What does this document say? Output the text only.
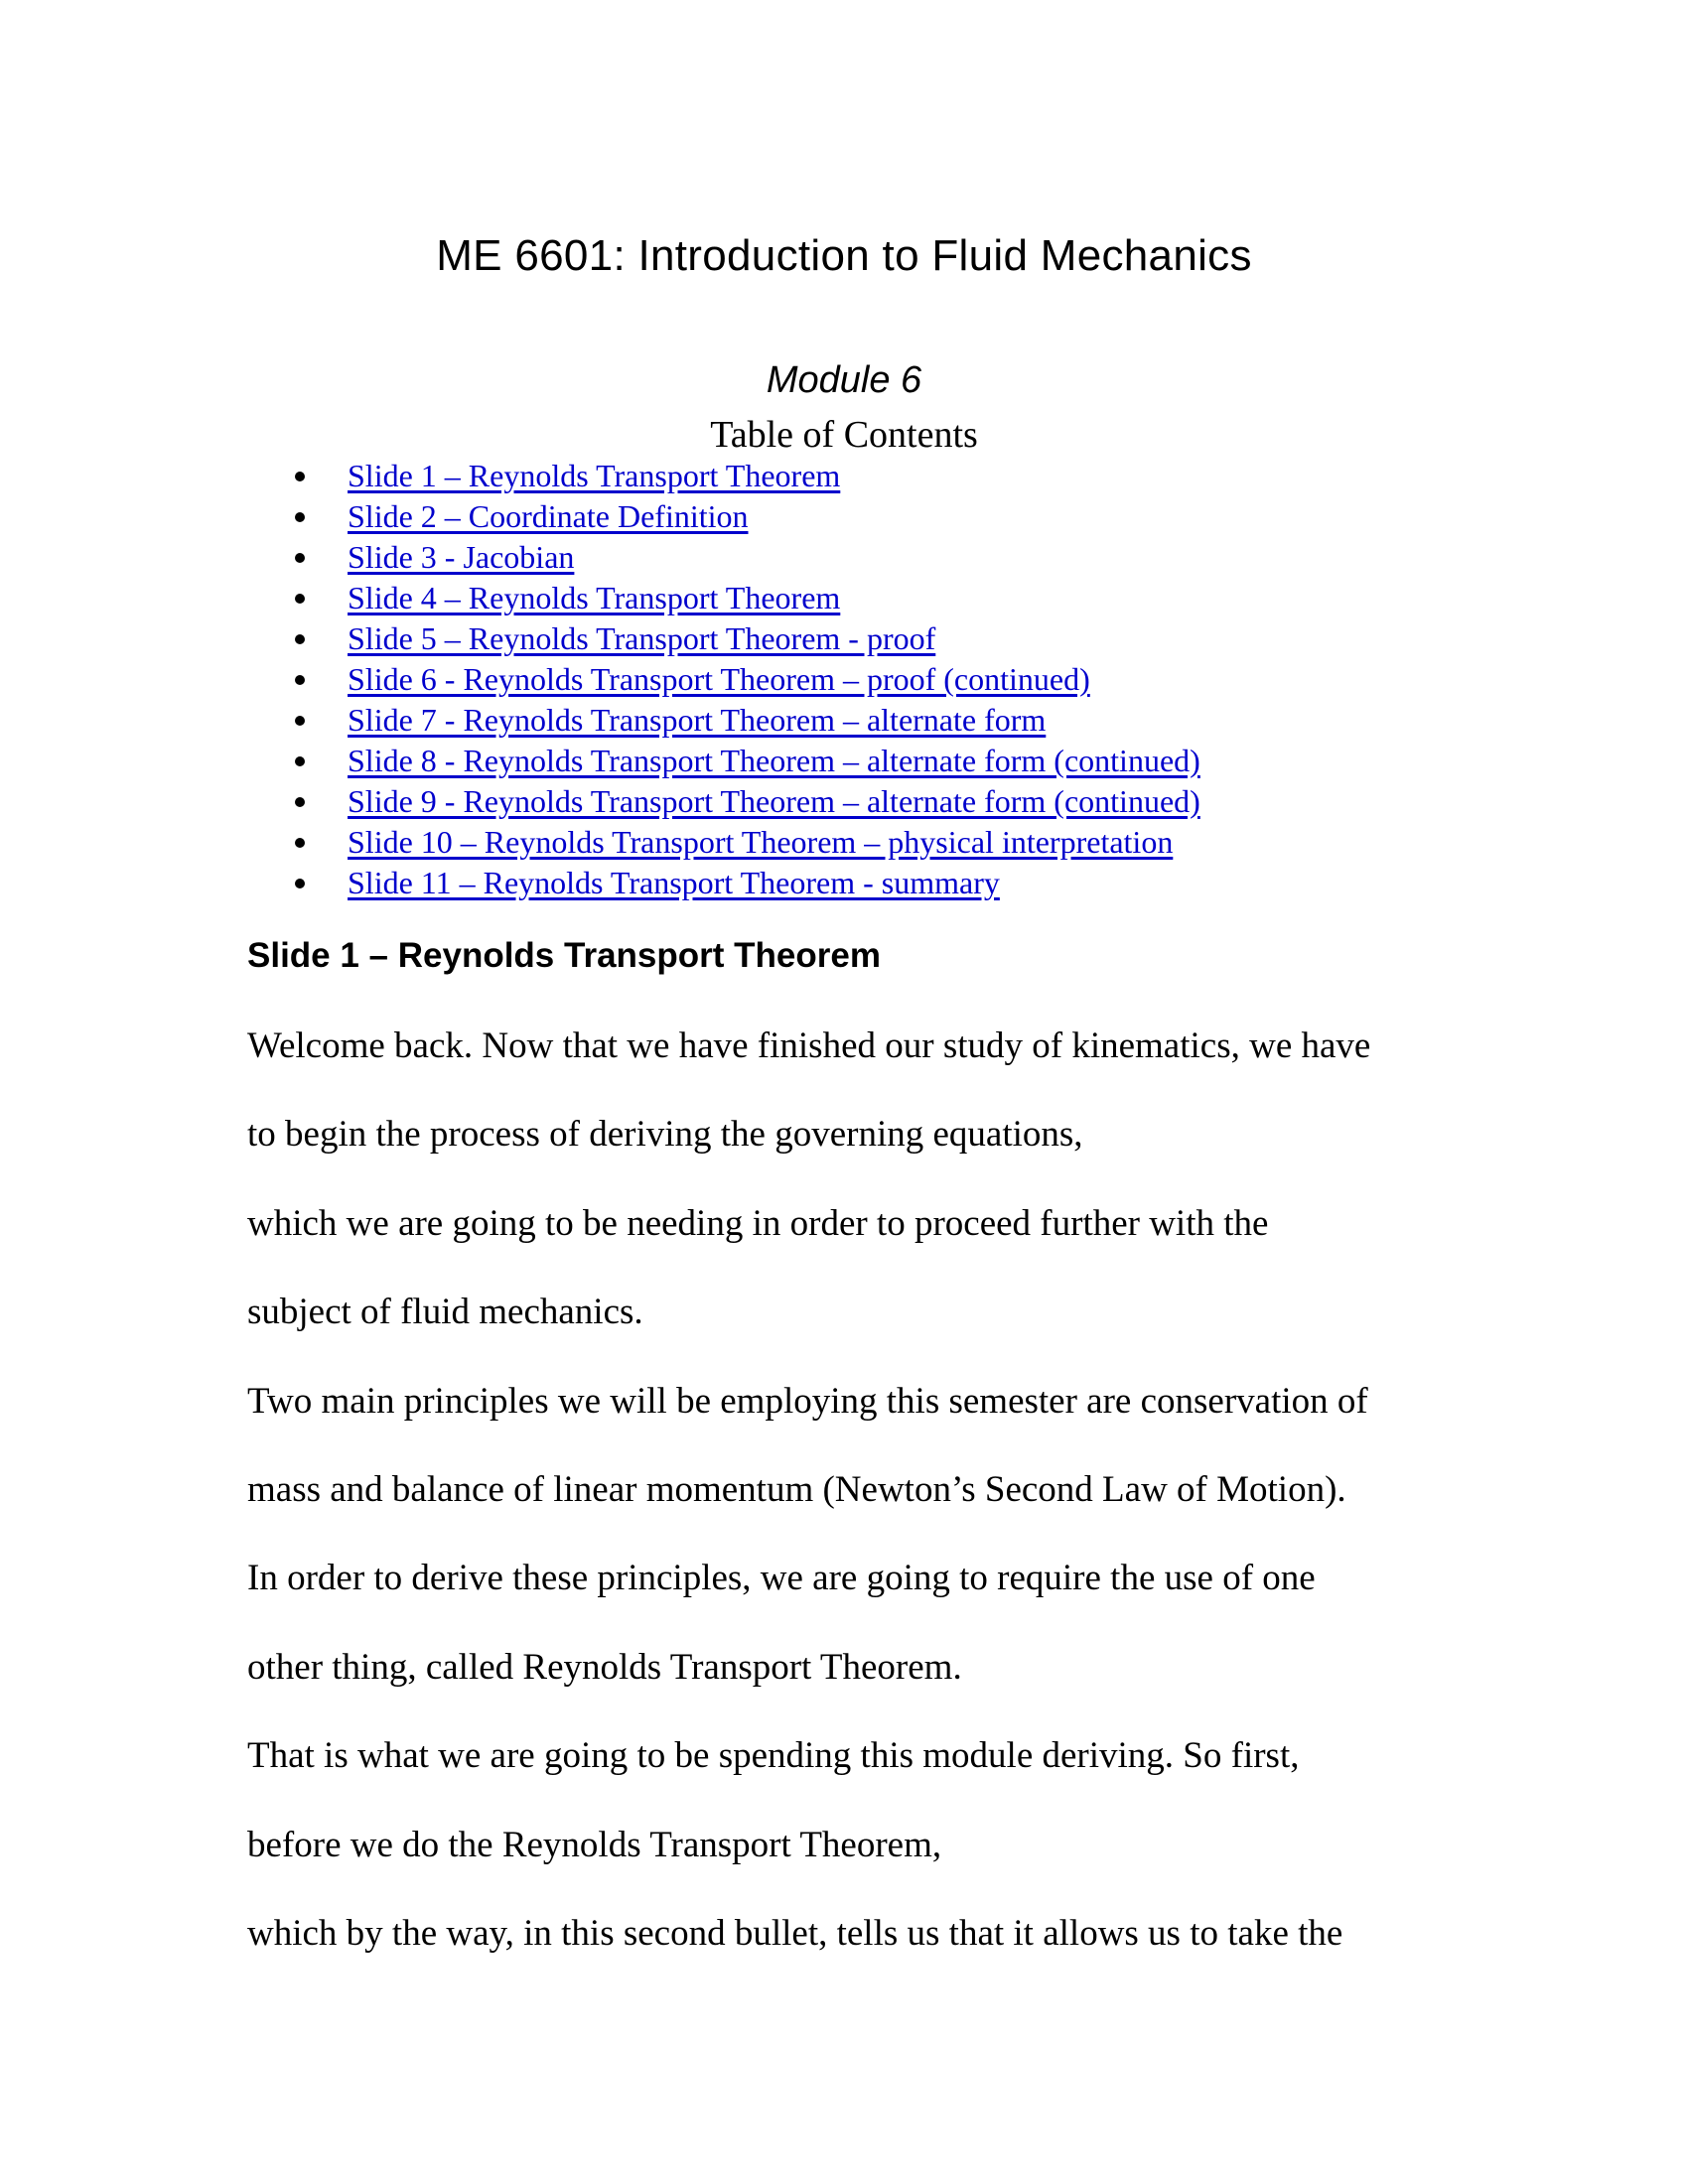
ME 6601: Introduction to Fluid Mechanics
Module 6
Table of Contents
Slide 1 – Reynolds Transport Theorem
Slide 2 – Coordinate Definition
Slide 3 - Jacobian
Slide 4 – Reynolds Transport Theorem
Slide 5 – Reynolds Transport Theorem - proof
Slide 6 - Reynolds Transport Theorem – proof (continued)
Slide 7 - Reynolds Transport Theorem – alternate form
Slide 8 - Reynolds Transport Theorem – alternate form (continued)
Slide 9 - Reynolds Transport Theorem – alternate form (continued)
Slide 10 – Reynolds Transport Theorem – physical interpretation
Slide 11 – Reynolds Transport Theorem - summary
Slide 1 – Reynolds Transport Theorem
Welcome back. Now that we have finished our study of kinematics, we have
to begin the process of deriving the governing equations,
which we are going to be needing in order to proceed further with the
subject of fluid mechanics.
Two main principles we will be employing this semester are conservation of
mass and balance of linear momentum (Newton’s Second Law of Motion).
In order to derive these principles, we are going to require the use of one
other thing, called Reynolds Transport Theorem.
That is what we are going to be spending this module deriving. So first,
before we do the Reynolds Transport Theorem,
which by the way, in this second bullet, tells us that it allows us to take the
